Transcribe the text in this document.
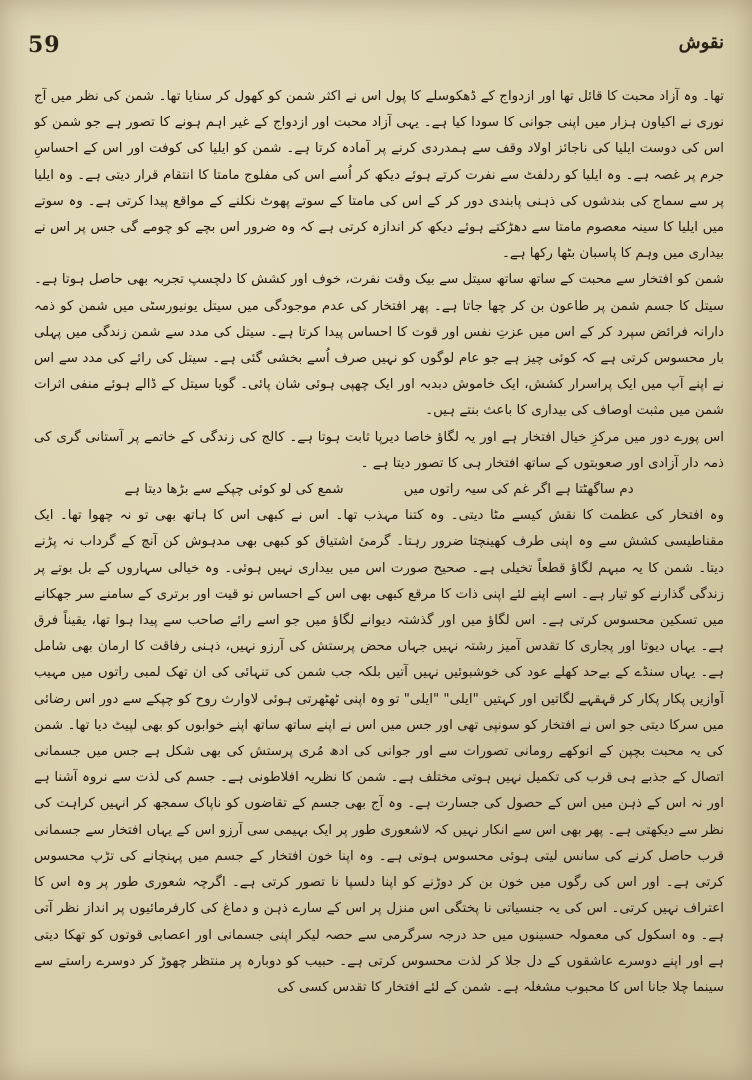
59	نقوش

تھا۔ وہ آزاد محبت کا قائل تھا اور ازدواج کے ڈھکوسلے کا پول اس نے اکثر شمن کو کھول کر سنایا تھا۔ شمن کی نظر میں آج نوری نے اکیاون ہزار میں اپنی جوانی کا سودا کیا ہے۔ یہی آزاد محبت اور ازدواج کے غیر اہم ہونے کا تصور ہے جو شمن کو اس کی دوست ایلیا کی ناجائز اولاد وقف سے ہمدردی کرنے پر آمادہ کرتا ہے۔ شمن کو ایلیا کی کوفت اور اس کے احساسِ جرم پر غصہ ہے۔ وہ ایلیا کو ردلفٹ سے نفرت کرتے ہوئے دیکھ کر اُسے اس کی مفلوج مامتا کا انتقام قرار دیتی ہے۔ وہ ایلیا پر سے سماج کی بندشوں کی ذہنی پابندی دور کر کے اس کی مامتا کے سوتے پھوٹ نکلنے کے مواقع پیدا کرتی ہے۔ وہ سوتے میں ایلیا کا سینہ معصوم مامتا سے دھڑکتے ہوئے دیکھ کر اندازہ کرتی ہے کہ وہ ضرور اس بچے کو چومے گی جس پر اس نے بیداری میں وہم کا پاسبان بٹھا رکھا ہے۔

شمن کو افتخار سے محبت کے ساتھ ساتھ سیتل سے بیک وقت نفرت، خوف اور کشش کا دلچسپ تجربہ بھی حاصل ہوتا ہے۔ سیتل کا جسم شمن پر طاعون بن کر چھا جاتا ہے۔ پھر افتخار کی عدم موجودگی میں سیتل یونیورسٹی میں شمن کو ذمہ دارانہ فرائض سپرد کر کے اس میں عزتِ نفس اور قوت کا احساس پیدا کرتا ہے۔ سیتل کی مدد سے شمن زندگی میں پہلی بار محسوس کرتی ہے کہ کوئی چیز ہے جو عام لوگوں کو نہیں صرف اُسے بخشی گئی ہے۔ سیتل کی رائے کی مدد سے اس نے اپنے آپ میں ایک پراسرار کشش، ایک خاموش دبدبہ اور ایک چھپی ہوئی شان پائی۔ گویا سیتل کے ڈالے ہوئے منفی اثرات شمن میں مثبت اوصاف کی بیداری کا باعث بنتے ہیں۔

اس پورے دور میں مرکزِ خیال افتخار ہے اور یہ لگاؤ خاصا دیرپا ثابت ہوتا ہے۔ کالج کی زندگی کے خاتمے پر آستانی گری کی ذمہ دار آزادی اور صعوبتوں کے ساتھ افتخار ہی کا تصور دیتا ہے ۔

دم ساگھٹتا ہے اگر غم کی سیہ راتوں میں
شمع کی لو کوئی چپکے سے بڑھا دیتا ہے

وہ افتخار کی عظمت کا نقش کیسے مٹا دیتی۔ وہ کتنا مہذب تھا۔ اس نے کبھی اس کا ہاتھ بھی تو نہ چھوا تھا۔ ایک مقناطیسی کشش سے وہ اپنی طرف کھینچتا ضرور رہتا۔ گرمیٔ اشتیاق کو کبھی بھی مدہوش کن آنچ کے گرداب نہ پڑنے دیتا۔ شمن کا یہ مبہم لگاؤ قطعاً تخیلی ہے۔ صحیح صورت اس میں بیداری نہیں ہوئی۔ وہ خیالی سہاروں کے بل بوتے پر زندگی گذارنے کو تیار ہے۔ اسے اپنے لئے اپنی ذات کا مرقع کبھی بھی اس کے احساس نو قیت اور برتری کے سامنے سر جھکانے میں تسکین محسوس کرتی ہے۔ اس لگاؤ میں اور گذشتہ دیوانے لگاؤ میں جو اسے رائے صاحب سے پیدا ہوا تھا، یقیناً فرق ہے۔ یہاں دیوتا اور پجاری کا تقدس آمیز رشتہ نہیں جہاں محض پرستش کی آرزو نہیں، ذہنی رفاقت کا ارمان بھی شامل ہے۔ یہاں سنڈے کے بےحد کھلے عود کی خوشبوئیں نہیں آتیں بلکہ جب شمن کی تنہائی کی ان تھک لمبی راتوں میں مہیب آوازیں پکار پکار کر قہقہے لگاتیں اور کہتیں "ایلی" "ایلی" تو وہ اپنی ٹھٹھرتی ہوئی لاوارث روح کو چپکے سے دور اس رضائی میں سرکا دیتی جو اس نے افتخار کو سونپی تھی اور جس میں اس نے اپنے ساتھ ساتھ اپنے خوابوں کو بھی لپیٹ دیا تھا۔ شمن کی یہ محبت بچپن کے انوکھے رومانی تصورات سے اور جوانی کی ادھ مُری پرستش کی بھی شکل ہے جس میں جسمانی اتصال کے جذبے ہی قرب کی تکمیل نہیں ہوتی مختلف ہے۔ شمن کا نظریہ افلاطونی ہے۔ جسم کی لذت سے نروہ آشنا ہے اور نہ اس کے ذہن میں اس کے حصول کی جسارت ہے۔ وہ آج بھی جسم کے تقاضوں کو ناپاک سمجھ کر انہیں کراہت کی نظر سے دیکھتی ہے۔ پھر بھی اس سے انکار نہیں کہ لاشعوری طور پر ایک بہیمی سی آرزو اس کے یہاں افتخار سے جسمانی قرب حاصل کرنے کی سانس لیتی ہوئی محسوس ہوتی ہے۔ وہ اپنا خون افتخار کے جسم میں پہنچانے کی تڑپ محسوس کرتی ہے۔ اور اس کی رگوں میں خون بن کر دوڑنے کو اپنا دلسپا نا تصور کرتی ہے۔ اگرچہ شعوری طور پر وہ اس کا اعتراف نہیں کرتی۔ اس کی یہ جنسیاتی نا پختگی اس منزل پر اس کے سارے ذہن و دماغ کی کارفرمائیوں پر انداز نظر آتی ہے۔ وہ اسکول کی معمولہ حسینوں میں حد درجہ سرگرمی سے حصہ لیکر اپنی جسمانی اور اعصابی قوتوں کو تھکا دیتی ہے اور اپنے دوسرے عاشقوں کے دل جلا کر لذت محسوس کرتی ہے۔ حبیب کو دوبارہ پر منتظر چھوڑ کر دوسرے راستے سے سینما چلا جانا اس کا محبوب مشغلہ ہے۔ شمن کے لئے افتخار کا تقدس کسی کی
